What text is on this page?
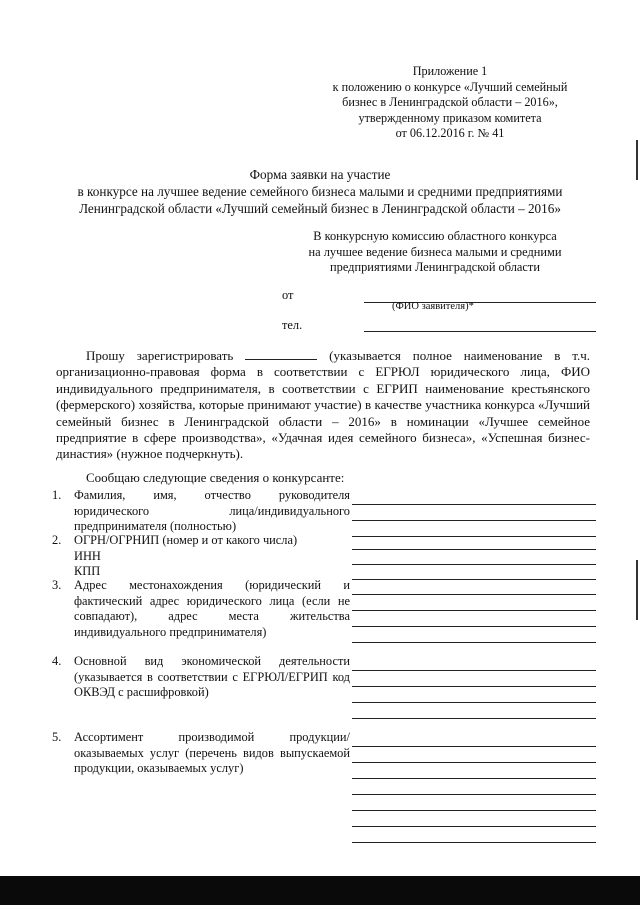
Приложение 1
к положению о конкурсе «Лучший семейный
бизнес в Ленинградской области – 2016»,
утвержденному приказом комитета
от 06.12.2016 г. № 41
Форма заявки на участие
в конкурсе на лучшее ведение семейного бизнеса малыми и средними предприятиями
Ленинградской области «Лучший семейный бизнес в Ленинградской области – 2016»
В конкурсную комиссию областного конкурса
на лучшее ведение бизнеса малыми и средними
предприятиями Ленинградской области
от
(ФИО заявителя)*
тел.
Прошу зарегистрировать	(указывается полное наименование в т.ч. организационно-правовая форма в соответствии с ЕГРЮЛ юридического лица, ФИО индивидуального предпринимателя, в соответствии с ЕГРИП наименование крестьянского (фермерского) хозяйства, которые принимают участие) в качестве участника конкурса «Лучший семейный бизнес в Ленинградской области – 2016» в номинации «Лучшее семейное предприятие в сфере производства», «Удачная идея семейного бизнеса», «Успешная бизнес-династия» (нужное подчеркнуть).
Сообщаю следующие сведения о конкурсанте:
1. Фамилия, имя, отчество руководителя юридического лица/индивидуального предпринимателя (полностью)
2. ОГРН/ОГРНИП (номер и от какого числа)
ИНН
КПП
3. Адрес местонахождения (юридический и фактический адрес юридического лица (если не совпадают), адрес места жительства индивидуального предпринимателя)
4. Основной вид экономической деятельности (указывается в соответствии с ЕГРЮЛ/ЕГРИП код ОКВЭД с расшифровкой)
5. Ассортимент производимой продукции/ оказываемых услуг (перечень видов выпускаемой продукции, оказываемых услуг)
